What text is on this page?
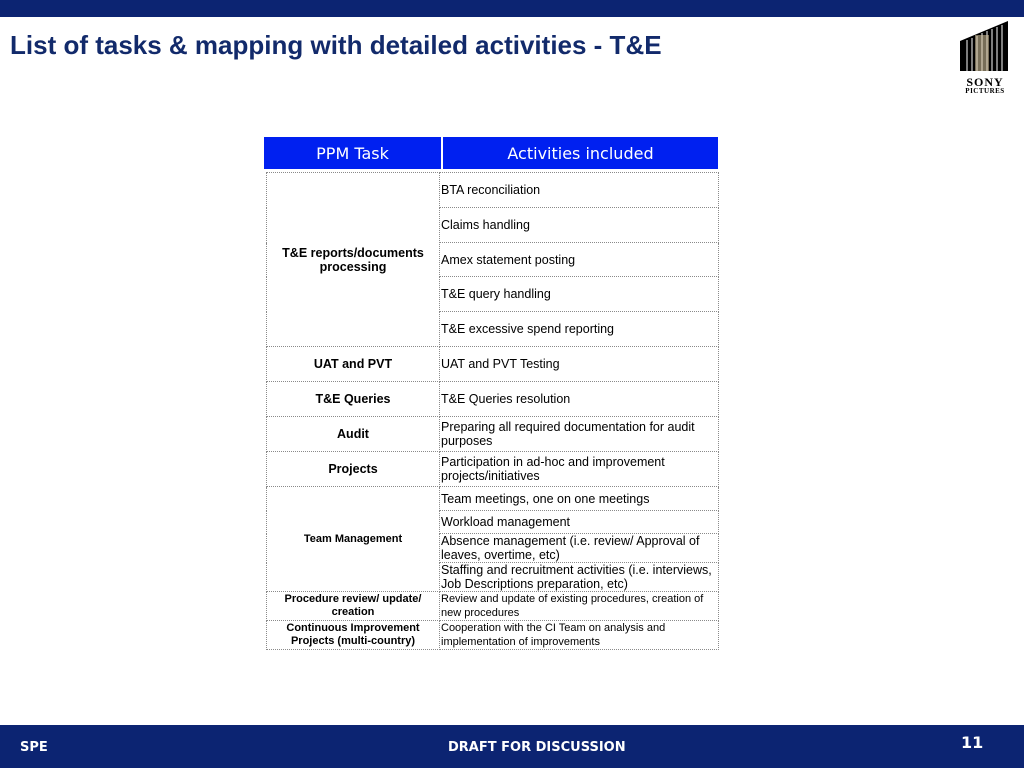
List of tasks & mapping with detailed activities - T&E
SONY
PICTURES
PPM Task	Activities included
T&E reports/documents processing	BTA reconciliation
	Claims handling
	Amex statement posting
	T&E query handling
	T&E excessive spend reporting
UAT and PVT	UAT and PVT Testing
T&E Queries	T&E Queries resolution
Audit	Preparing all required documentation for audit purposes
Projects	Participation in ad-hoc and improvement projects/initiatives
Team Management	Team meetings, one on one meetings
	Workload management
	Absence management (i.e. review/ Approval of leaves, overtime, etc)
	Staffing and recruitment activities (i.e. interviews, Job Descriptions preparation, etc)
Procedure review/ update/ creation	Review and update of existing procedures, creation of new procedures
Continuous Improvement Projects (multi-country)	Cooperation with the CI Team on analysis and implementation of improvements
SPE	DRAFT FOR DISCUSSION	11
